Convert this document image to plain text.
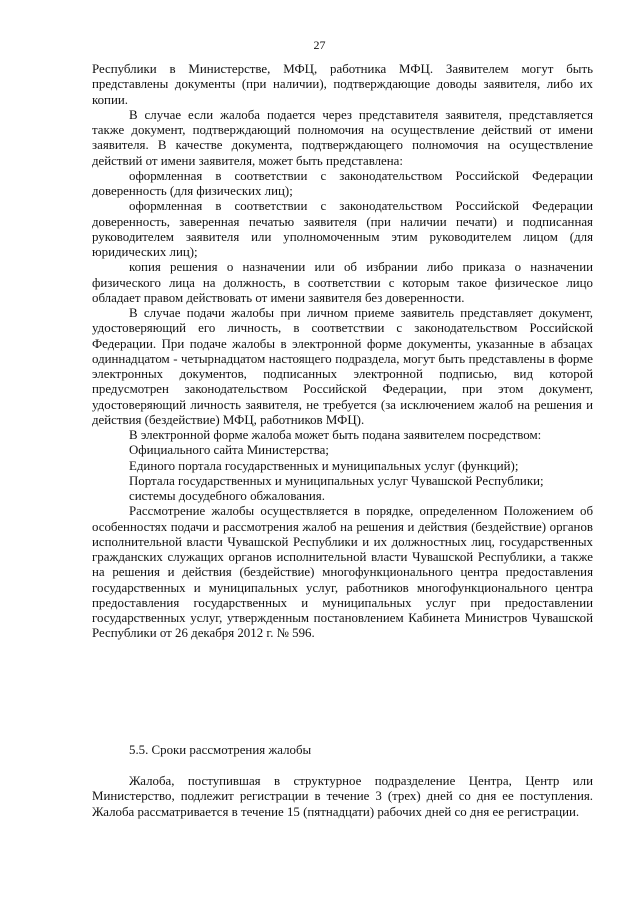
27

Республики в Министерстве, МФЦ, работника МФЦ. Заявителем могут быть представлены документы (при наличии), подтверждающие доводы заявителя, либо их копии.

В случае если жалоба подается через представителя заявителя, представляется также документ, подтверждающий полномочия на осуществление действий от имени заявителя. В качестве документа, подтверждающего полномочия на осуществление действий от имени заявителя, может быть представлена:

оформленная в соответствии с законодательством Российской Федерации доверенность (для физических лиц);

оформленная в соответствии с законодательством Российской Федерации доверенность, заверенная печатью заявителя (при наличии печати) и подписанная руководителем заявителя или уполномоченным этим руководителем лицом (для юридических лиц);

копия решения о назначении или об избрании либо приказа о назначении физического лица на должность, в соответствии с которым такое физическое лицо обладает правом действовать от имени заявителя без доверенности.

В случае подачи жалобы при личном приеме заявитель представляет документ, удостоверяющий его личность, в соответствии с законодательством Российской Федерации. При подаче жалобы в электронной форме документы, указанные в абзацах одиннадцатом - четырнадцатом настоящего подраздела, могут быть представлены в форме электронных документов, подписанных электронной подписью, вид которой предусмотрен законодательством Российской Федерации, при этом документ, удостоверяющий личность заявителя, не требуется (за исключением жалоб на решения и действия (бездействие) МФЦ, работников МФЦ).

В электронной форме жалоба может быть подана заявителем посредством:

Официального сайта Министерства;

Единого портала государственных и муниципальных услуг (функций);

Портала государственных и муниципальных услуг Чувашской Республики;

системы досудебного обжалования.

Рассмотрение жалобы осуществляется в порядке, определенном Положением об особенностях подачи и рассмотрения жалоб на решения и действия (бездействие) органов исполнительной власти Чувашской Республики и их должностных лиц, государственных гражданских служащих органов исполнительной власти Чувашской Республики, а также на решения и действия (бездействие) многофункционального центра предоставления государственных и муниципальных услуг, работников многофункционального центра предоставления государственных и муниципальных услуг при предоставлении государственных услуг, утвержденным постановлением Кабинета Министров Чувашской Республики от 26 декабря 2012 г. № 596.

5.5. Сроки рассмотрения жалобы

Жалоба, поступившая в структурное подразделение Центра, Центр или Министерство, подлежит регистрации в течение 3 (трех) дней со дня ее поступления. Жалоба рассматривается в течение 15 (пятнадцати) рабочих дней со дня ее регистрации.
